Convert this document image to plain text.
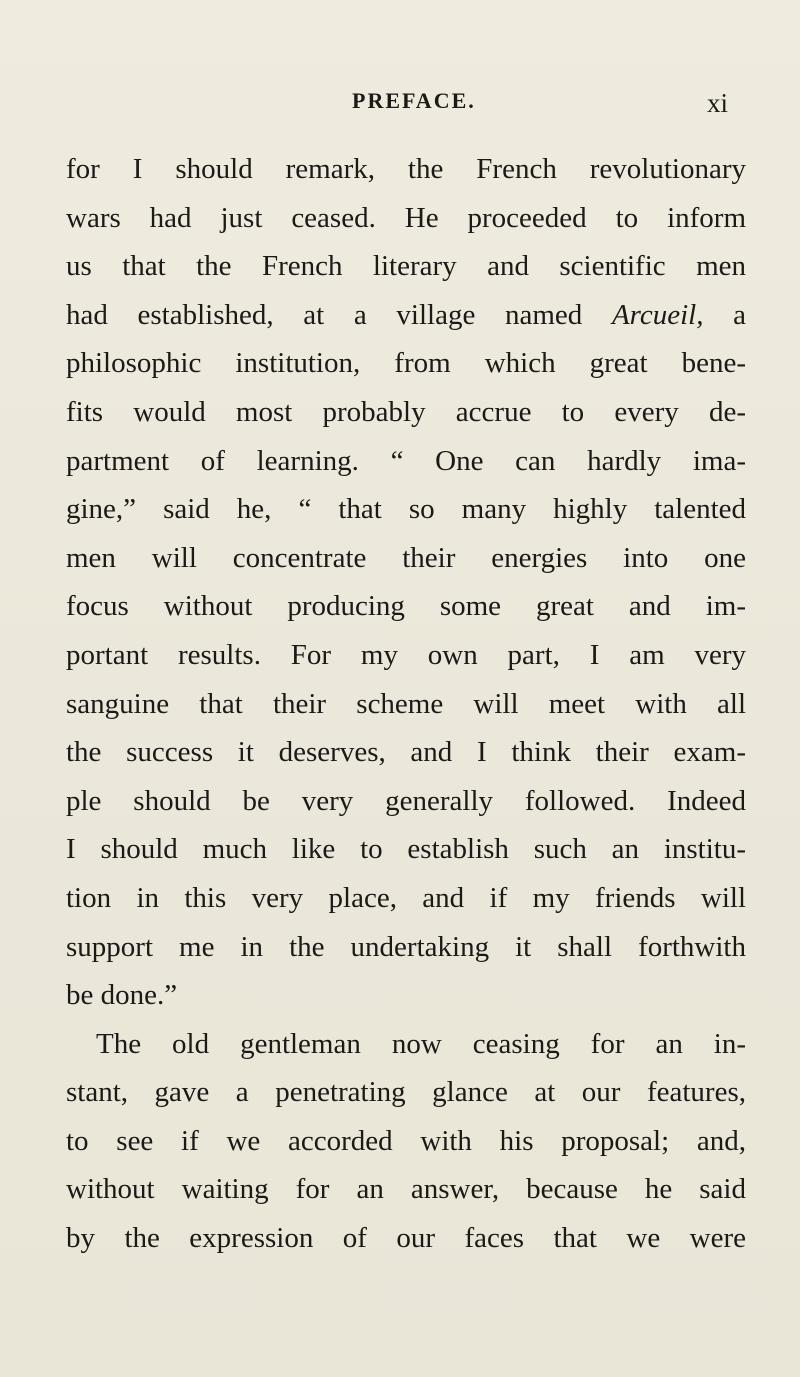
PREFACE.	xi
for I should remark, the French revolutionary
wars had just ceased. He proceeded to inform
us that the French literary and scientific men
had established, at a village named Arcueil, a
philosophic institution, from which great bene-
fits would most probably accrue to every de-
partment of learning. “ One can hardly ima-
gine,” said he, “ that so many highly talented
men will concentrate their energies into one
focus without producing some great and im-
portant results. For my own part, I am very
sanguine that their scheme will meet with all
the success it deserves, and I think their exam-
ple should be very generally followed. Indeed
I should much like to establish such an institu-
tion in this very place, and if my friends will
support me in the undertaking it shall forthwith
be done.”
The old gentleman now ceasing for an in-
stant, gave a penetrating glance at our features,
to see if we accorded with his proposal; and,
without waiting for an answer, because he said
by the expression of our faces that we were
